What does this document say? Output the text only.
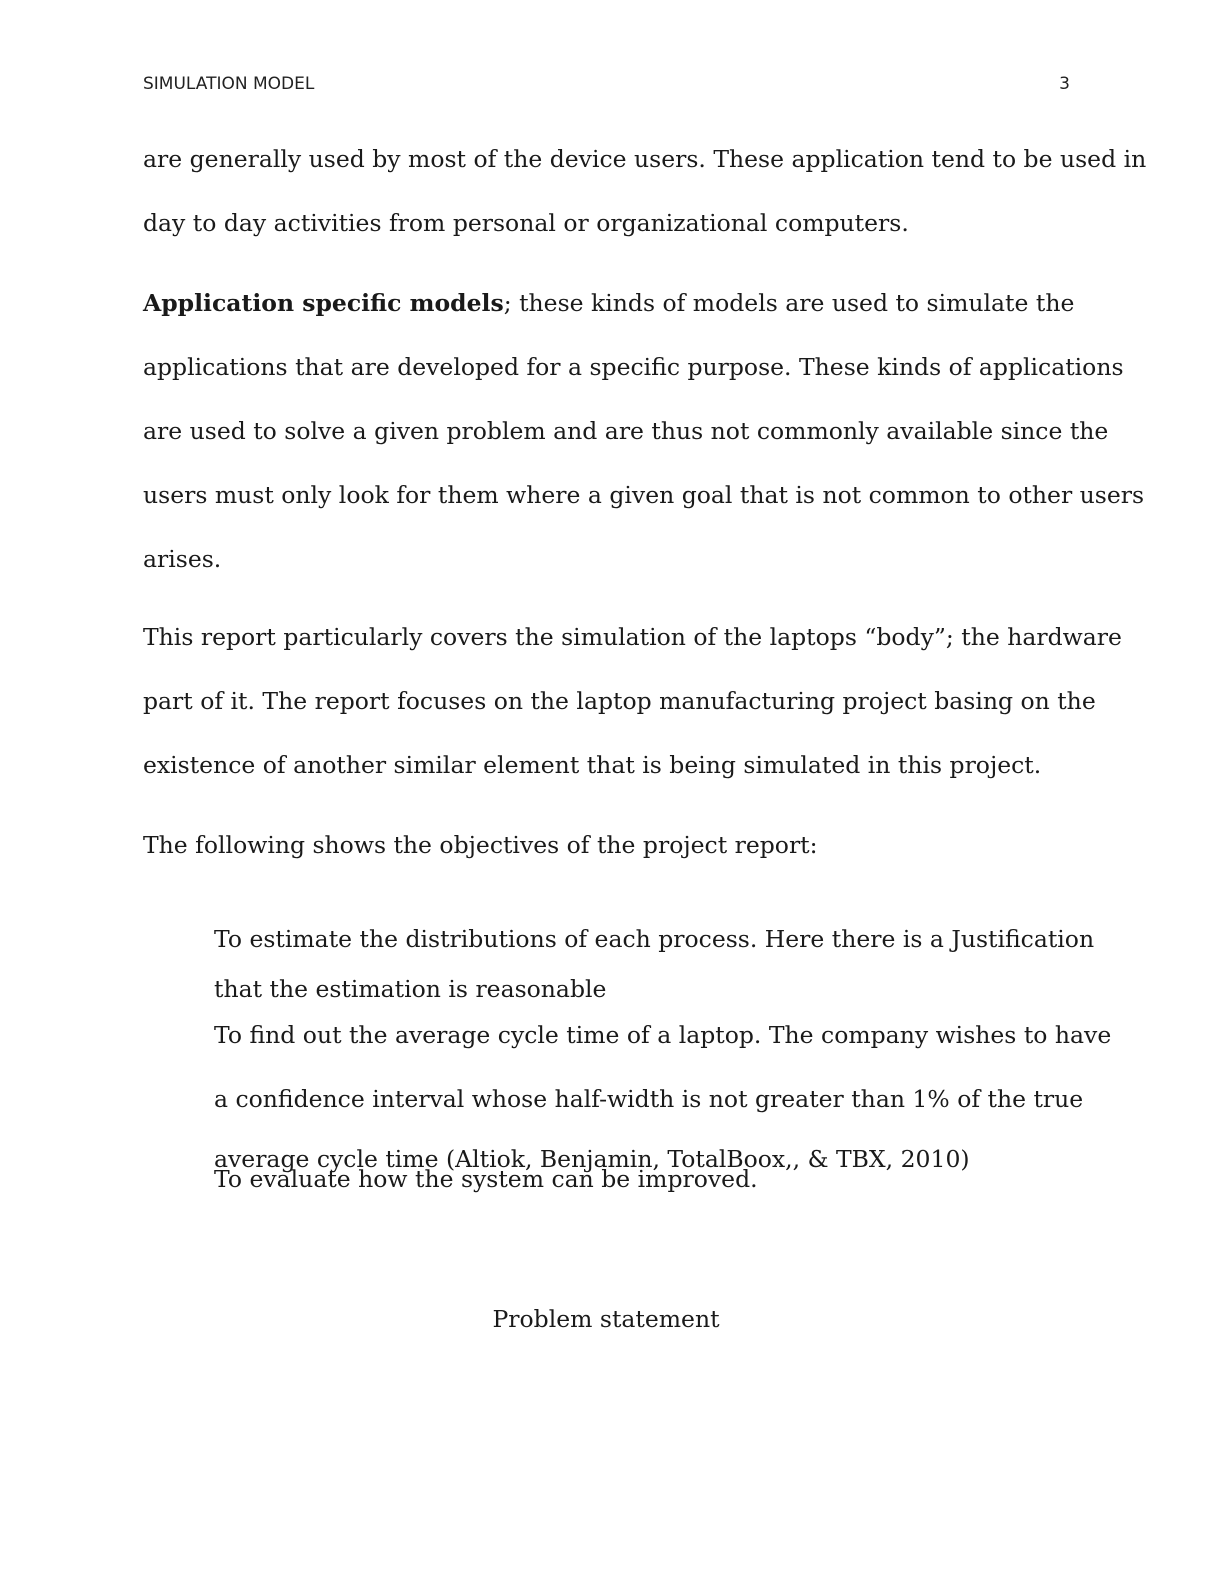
SIMULATION MODEL	3

are generally used by most of the device users. These application tend to be used in
day to day activities from personal or organizational computers.

Application specific models; these kinds of models are used to simulate the
applications that are developed for a specific purpose. These kinds of applications
are used to solve a given problem and are thus not commonly available since the
users must only look for them where a given goal that is not common to other users
arises.

This report particularly covers the simulation of the laptops “body”; the hardware
part of it. The report focuses on the laptop manufacturing project basing on the
existence of another similar element that is being simulated in this project.

The following shows the objectives of the project report:

To estimate the distributions of each process. Here there is a Justification
that the estimation is reasonable
To find out the average cycle time of a laptop. The company wishes to have
a confidence interval whose half-width is not greater than 1% of the true
average cycle time (Altiok, Benjamin, TotalBoox,, & TBX, 2010)
To evaluate how the system can be improved.
Problem statement
